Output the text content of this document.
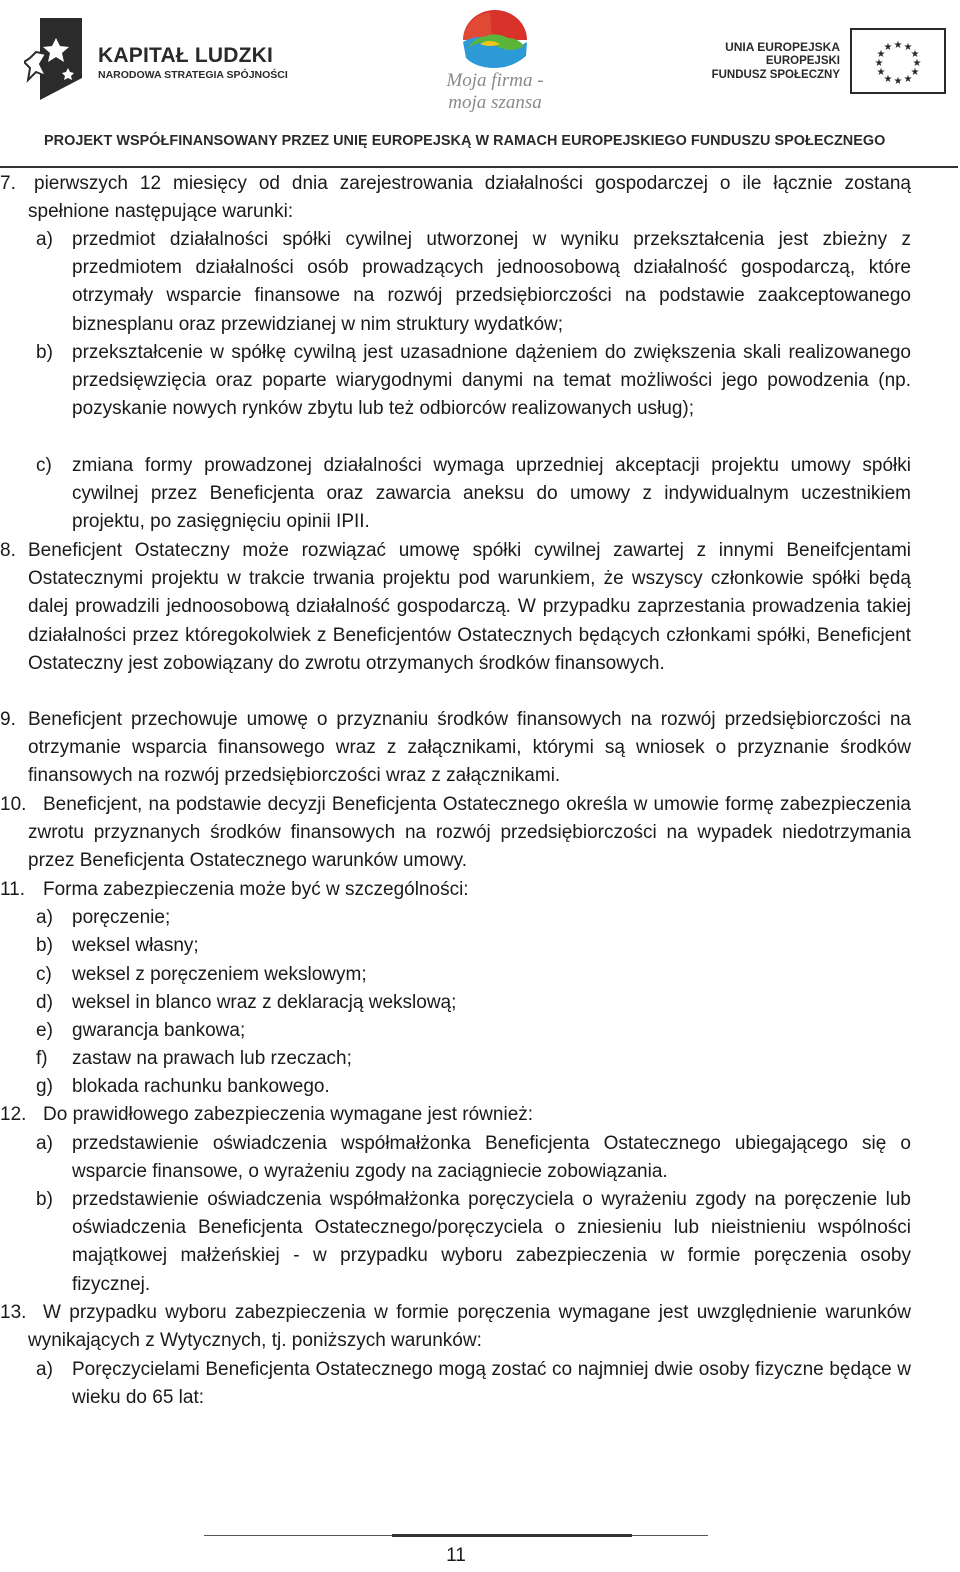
KAPITAŁ LUDZKI
NARODOWA STRATEGIA SPÓJNOŚCI	Moja firma -
moja szansa
UNIA EUROPEJSKA
EUROPEJSKI
FUNDUSZ SPOŁECZNY
★ ★
★
★
★
★
★
★
★
★
★
★
PROJEKT WSPÓŁFINANSOWANY PRZEZ UNIĘ EUROPEJSKĄ W RAMACH EUROPEJSKIEGO FUNDUSZU SPOŁECZNEGO
7. pierwszych 12 miesięcy od dnia zarejestrowania działalności gospodarczej o ile łącznie zostaną spełnione następujące warunki:
a) przedmiot działalności spółki cywilnej utworzonej w wyniku przekształcenia jest zbieżny z przedmiotem działalności osób prowadzących jednoosobową działalność gospodarczą, które otrzymały wsparcie finansowe na rozwój przedsiębiorczości na podstawie zaakceptowanego biznesplanu oraz przewidzianej w nim struktury wydatków;
b) przekształcenie w spółkę cywilną jest uzasadnione dążeniem do zwiększenia skali realizowanego przedsięwzięcia oraz poparte wiarygodnymi danymi na temat możliwości jego powodzenia (np. pozyskanie nowych rynków zbytu lub też odbiorców realizowanych usług);
c) zmiana formy prowadzonej działalności wymaga uprzedniej akceptacji projektu umowy spółki cywilnej przez Beneficjenta oraz zawarcia aneksu do umowy z indywidualnym uczestnikiem projektu, po zasięgnięciu opinii IPII.
8. Beneficjent Ostateczny może rozwiązać umowę spółki cywilnej zawartej z innymi Beneifcjentami Ostatecznymi projektu w trakcie trwania projektu pod warunkiem, że wszyscy członkowie spółki będą dalej prowadzili jednoosobową działalność gospodarczą. W przypadku zaprzestania prowadzenia takiej działalności przez któregokolwiek z Beneficjentów Ostatecznych będących członkami spółki, Beneficjent Ostateczny jest zobowiązany do zwrotu otrzymanych środków finansowych.
9. Beneficjent przechowuje umowę o przyznaniu środków finansowych na rozwój przedsiębiorczości na otrzymanie wsparcia finansowego wraz z załącznikami, którymi są wniosek o przyznanie środków finansowych na rozwój przedsiębiorczości wraz z załącznikami.
10. Beneficjent, na podstawie decyzji Beneficjenta Ostatecznego określa w umowie formę zabezpieczenia zwrotu przyznanych środków finansowych na rozwój przedsiębiorczości na wypadek niedotrzymania przez Beneficjenta Ostatecznego warunków umowy.
11. Forma zabezpieczenia może być w szczególności:
a) poręczenie;
b) weksel własny;
c) weksel z poręczeniem wekslowym;
d) weksel in blanco wraz z deklaracją wekslową;
e) gwarancja bankowa;
f) zastaw na prawach lub rzeczach;
g) blokada rachunku bankowego.
12. Do prawidłowego zabezpieczenia wymagane jest również:
a) przedstawienie oświadczenia współmałżonka Beneficjenta Ostatecznego ubiegającego się o wsparcie finansowe, o wyrażeniu zgody na zaciągniecie zobowiązania.
b) przedstawienie oświadczenia współmałżonka poręczyciela o wyrażeniu zgody na poręczenie lub oświadczenia Beneficjenta Ostatecznego/poręczyciela o zniesieniu lub nieistnieniu wspólności majątkowej małżeńskiej - w przypadku wyboru zabezpieczenia w formie poręczenia osoby fizycznej.
13. W przypadku wyboru zabezpieczenia w formie poręczenia wymagane jest uwzględnienie warunków wynikających z Wytycznych, tj. poniższych warunków:
a) Poręczycielami Beneficjenta Ostatecznego mogą zostać co najmniej dwie osoby fizyczne będące w wieku do 65 lat:
11
